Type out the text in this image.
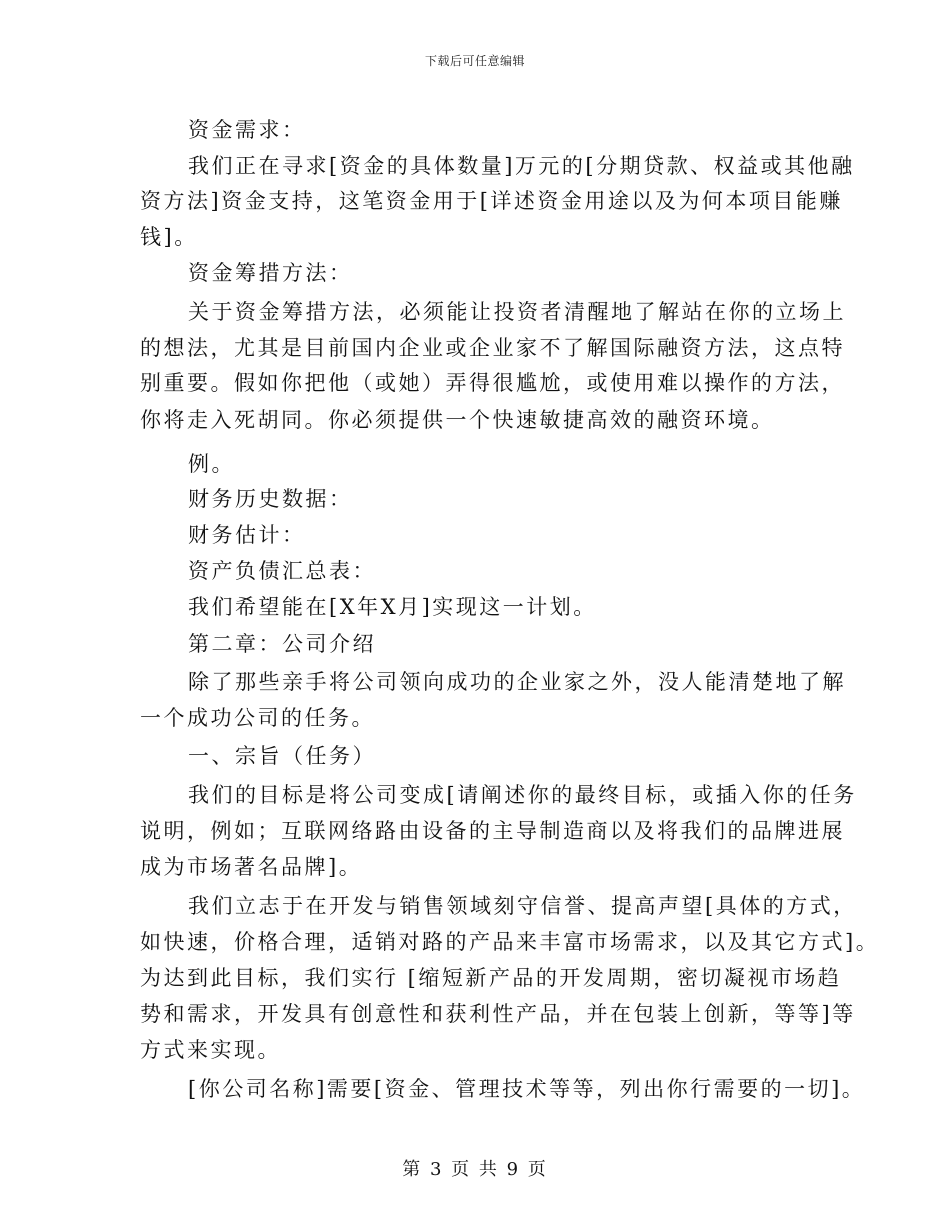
下载后可任意编辑
资金需求：
我们正在寻求[资金的具体数量]万元的[分期贷款、权益或其他融
资方法]资金支持，这笔资金用于[详述资金用途以及为何本项目能赚
钱]。
资金筹措方法：
关于资金筹措方法，必须能让投资者清醒地了解站在你的立场上
的想法，尤其是目前国内企业或企业家不了解国际融资方法，这点特
别重要。假如你把他（或她）弄得很尴尬，或使用难以操作的方法，
你将走入死胡同。你必须提供一个快速敏捷高效的融资环境。
例。
财务历史数据：
财务估计：
资产负债汇总表：
我们希望能在[X年X月]实现这一计划。
第二章：公司介绍
除了那些亲手将公司领向成功的企业家之外，没人能清楚地了解
一个成功公司的任务。
一、宗旨（任务）
我们的目标是将公司变成[请阐述你的最终目标，或插入你的任务
说明，例如；互联网络路由设备的主导制造商以及将我们的品牌进展
成为市场著名品牌]。
我们立志于在开发与销售领域刻守信誉、提高声望[具体的方式，
如快速，价格合理，适销对路的产品来丰富市场需求，以及其它方式]。
为达到此目标，我们实行 [缩短新产品的开发周期，密切凝视市场趋
势和需求，开发具有创意性和获利性产品，并在包装上创新，等等]等
方式来实现。
[你公司名称]需要[资金、管理技术等等，列出你行需要的一切]。
第 3 页 共 9 页
